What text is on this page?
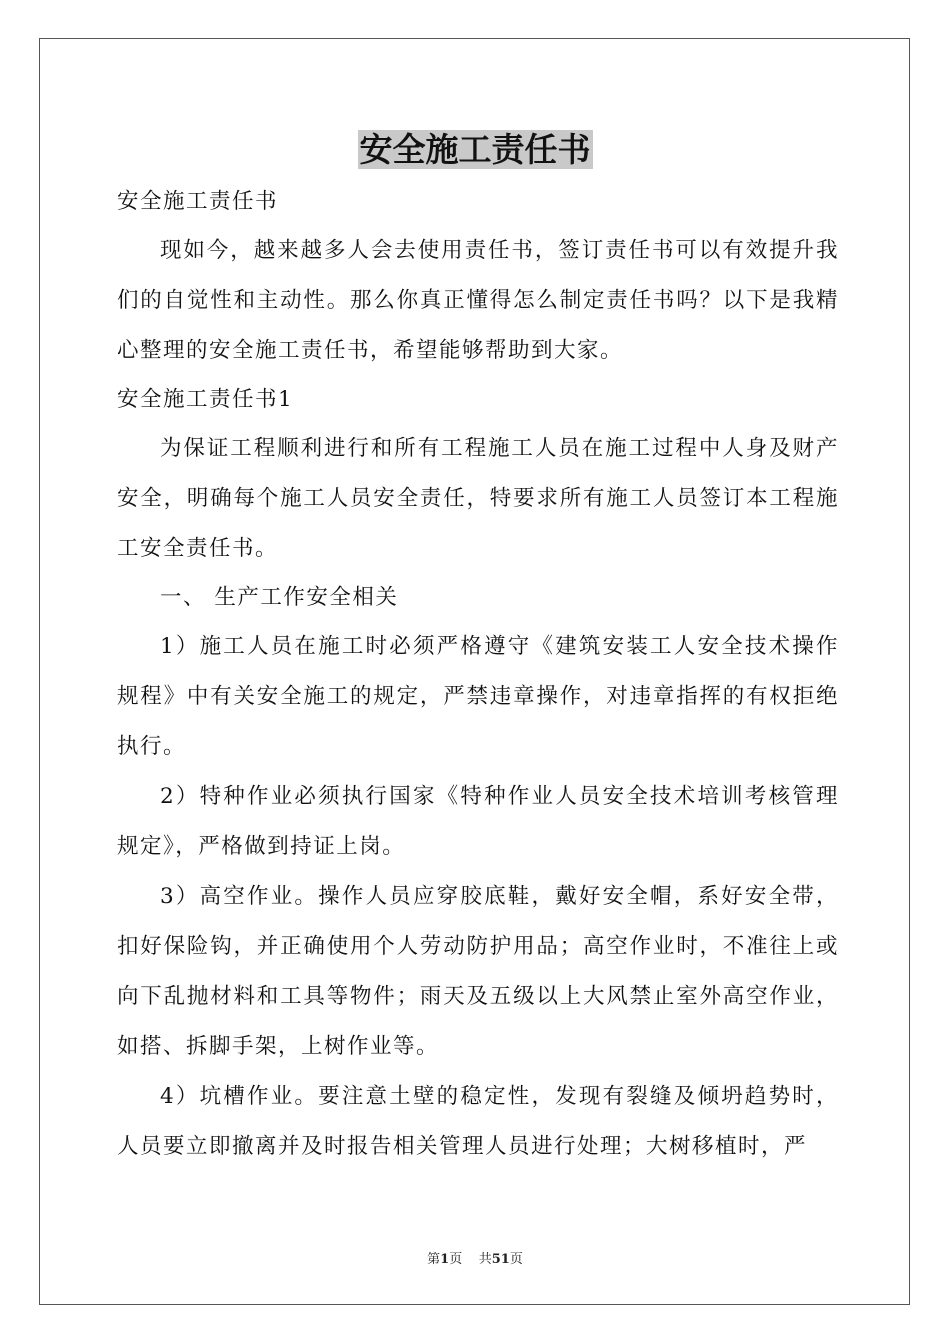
安全施工责任书
安全施工责任书
现如今，越来越多人会去使用责任书，签订责任书可以有效提升我们的自觉性和主动性。那么你真正懂得怎么制定责任书吗？以下是我精心整理的安全施工责任书，希望能够帮助到大家。
安全施工责任书1
为保证工程顺利进行和所有工程施工人员在施工过程中人身及财产安全，明确每个施工人员安全责任，特要求所有施工人员签订本工程施工安全责任书。
一、 生产工作安全相关
1）施工人员在施工时必须严格遵守《建筑安装工人安全技术操作规程》中有关安全施工的规定，严禁违章操作，对违章指挥的有权拒绝执行。
2）特种作业必须执行国家《特种作业人员安全技术培训考核管理规定》，严格做到持证上岗。
3）高空作业。操作人员应穿胶底鞋，戴好安全帽，系好安全带，扣好保险钩，并正确使用个人劳动防护用品；高空作业时，不准往上或向下乱抛材料和工具等物件；雨天及五级以上大风禁止室外高空作业，如搭、拆脚手架，上树作业等。
4）坑槽作业。要注意土壁的稳定性，发现有裂缝及倾坍趋势时，人员要立即撤离并及时报告相关管理人员进行处理；大树移植时，严
第1页 共51页
